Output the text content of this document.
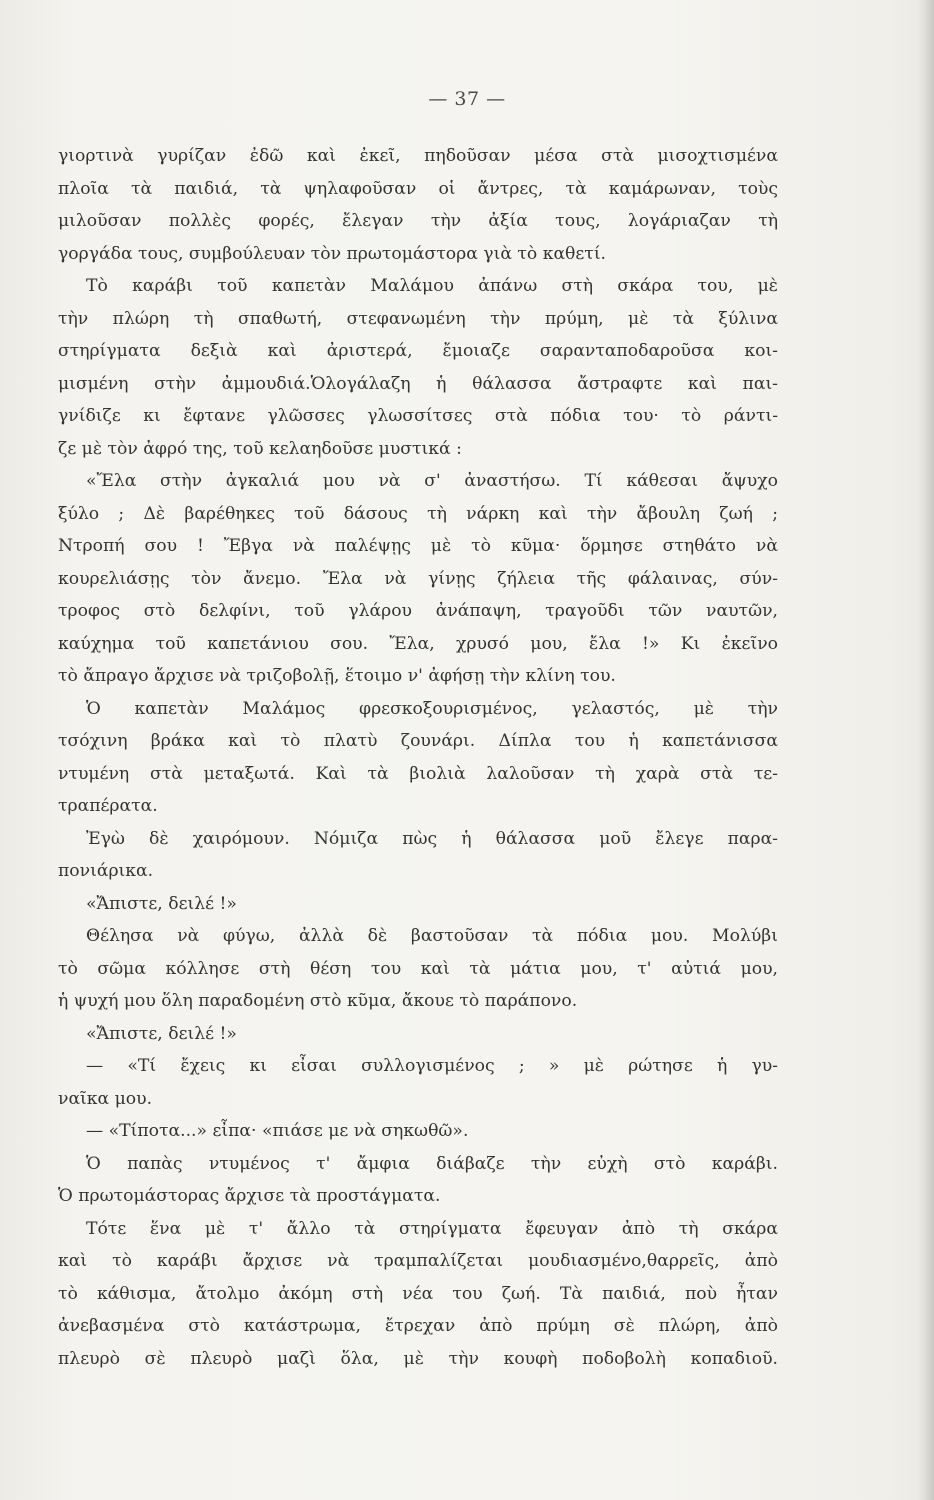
— 37 —
γιορτινὰ γυρίζαν ἐδῶ καὶ ἐκεῖ, πηδοῦσαν μέσα στὰ μισοχτισμένα
πλοῖα τὰ παιδιά, τὰ ψηλαφοῦσαν οἱ ἄντρες, τὰ καμάρωναν, τοὺς
μιλοῦσαν πολλὲς φορές, ἔλεγαν τὴν ἀξία τους, λογάριαζαν τὴ
γοργάδα τους, συμβούλευαν τὸν πρωτομάστορα γιὰ τὸ καθετί.
Τὸ καράβι τοῦ καπετὰν Μαλάμου ἀπάνω στὴ σκάρα του, μὲ
τὴν πλώρη τὴ σπαθωτή, στεφανωμένη τὴν πρύμη, μὲ τὰ ξύλινα
στηρίγματα δεξιὰ καὶ ἀριστερά, ἔμοιαζε σαρανταποδαροῦσα κοι-
μισμένη στὴν ἀμμουδιά.Ὁλογάλαζη ἡ θάλασσα ἄστραφτε καὶ παι-
γνίδιζε κι ἔφτανε γλῶσσες γλωσσίτσες στὰ πόδια του· τὸ ράντι-
ζε μὲ τὸν ἀφρό της, τοῦ κελαηδοῦσε μυστικά :
«Ἔλα στὴν ἀγκαλιά μου νὰ σ' ἀναστήσω. Τί κάθεσαι ἄψυχο
ξύλο ; Δὲ βαρέθηκες τοῦ δάσους τὴ νάρκη καὶ τὴν ἄβουλη ζωή ;
Ντροπή σου ! Ἔβγα νὰ παλέψῃς μὲ τὸ κῦμα· ὅρμησε στηθάτο νὰ
κουρελιάσῃς τὸν ἄνεμο. Ἔλα νὰ γίνῃς ζήλεια τῆς φάλαινας, σύν-
τροφος στὸ δελφίνι, τοῦ γλάρου ἀνάπαψη, τραγοῦδι τῶν ναυτῶν,
καύχημα τοῦ καπετάνιου σου. Ἔλα, χρυσό μου, ἔλα !» Κι ἐκεῖνο
τὸ ἄπραγο ἄρχισε νὰ τριζοβολῇ, ἕτοιμο ν' ἀφήσῃ τὴν κλίνη του.
Ὁ καπετὰν Μαλάμος φρεσκοξουρισμένος, γελαστός, μὲ τὴν
τσόχινη βράκα καὶ τὸ πλατὺ ζουνάρι. Δίπλα του ἡ καπετάνισσα
ντυμένη στὰ μεταξωτά. Καὶ τὰ βιολιὰ λαλοῦσαν τὴ χαρὰ στὰ τε-
τραπέρατα.
Ἐγὼ δὲ χαιρόμουν. Νόμιζα πὼς ἡ θάλασσα μοῦ ἔλεγε παρα-
πονιάρικα.
«Ἄπιστε, δειλέ !»
Θέλησα νὰ φύγω, ἀλλὰ δὲ βαστοῦσαν τὰ πόδια μου. Μολύβι
τὸ σῶμα κόλλησε στὴ θέση του καὶ τὰ μάτια μου, τ' αὐτιά μου,
ἡ ψυχή μου ὅλη παραδομένη στὸ κῦμα, ἄκουε τὸ παράπονο.
«Ἄπιστε, δειλέ !»
— «Τί ἔχεις κι εἶσαι συλλογισμένος ; » μὲ ρώτησε ἡ γυ-
ναῖκα μου.
— «Τίποτα...» εἶπα· «πιάσε με νὰ σηκωθῶ».
Ὁ παπὰς ντυμένος τ' ἄμφια διάβαζε τὴν εὐχὴ στὸ καράβι.
Ὁ πρωτομάστορας ἄρχισε τὰ προστάγματα.
Τότε ἕνα μὲ τ' ἄλλο τὰ στηρίγματα ἔφευγαν ἀπὸ τὴ σκάρα
καὶ τὸ καράβι ἄρχισε νὰ τραμπαλίζεται μουδιασμένο,θαρρεῖς, ἀπὸ
τὸ κάθισμα, ἄτολμο ἀκόμη στὴ νέα του ζωή. Τὰ παιδιά, ποὺ ἦταν
ἀνεβασμένα στὸ κατάστρωμα, ἔτρεχαν ἀπὸ πρύμη σὲ πλώρη, ἀπὸ
πλευρὸ σὲ πλευρὸ μαζὶ ὅλα, μὲ τὴν κουφὴ ποδοβολὴ κοπαδιοῦ.
